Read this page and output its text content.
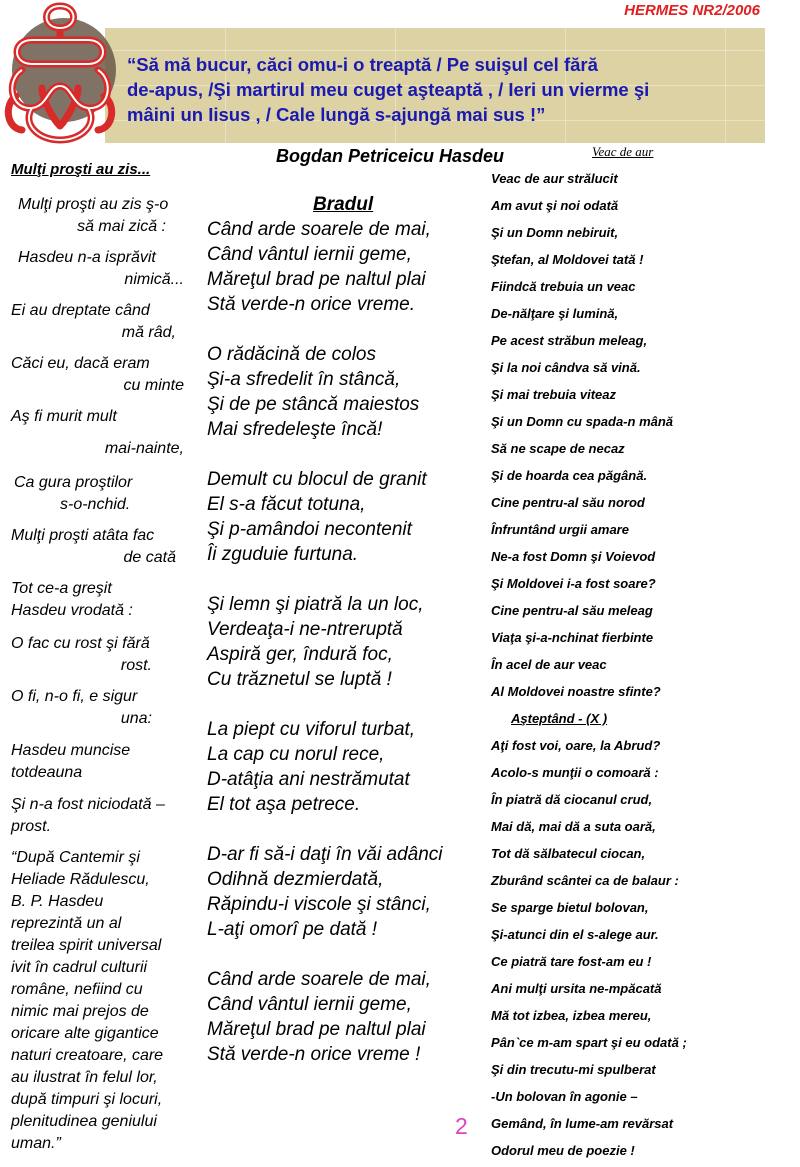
HERMES NR2/2006
“Să mă bucur, căci omu-i o treaptă / Pe suişul cel fără
de-apus, /Şi martirul meu cuget aşteaptă , / Ieri un vierme şi
mâini un Iisus , / Cale lungă s-ajungă mai sus !”
Bogdan Petriceicu Hasdeu	Veac de aur
Mulţi proşti au zis...
Mulţi proşti au zis ş-o
să mai zică :
Hasdeu n-a isprăvit
nimică...
Ei au dreptate când
mă râd,
Căci eu, dacă eram
cu minte
Aş fi murit mult
mai-nainte,
Ca gura proştilor
s-o-nchid.
Mulţi proşti atâta fac
de cată
Tot ce-a greşit
Hasdeu vrodată :
O fac cu rost şi fără
rost.
O fi, n-o fi, e sigur
una:
Hasdeu muncise
totdeauna
Şi n-a fost niciodată –
prost.
“După Cantemir şi
Heliade Rădulescu,
B. P. Hasdeu
reprezintă un al
treilea spirit universal
ivit în cadrul culturii
române, nefiind cu
nimic mai prejos de
oricare alte gigantice
naturi creatoare, care
au ilustrat în felul lor,
după timpuri şi locuri,
plenitudinea geniului
uman.”
Bradul
Când arde soarele de mai,
Când vântul iernii geme,
Măreţul brad pe naltul plai
Stă verde-n orice vreme.
O rădăcină de colos
Şi-a sfredelit în stâncă,
Şi de pe stâncă maiestos
Mai sfredeleşte încă!
Demult cu blocul de granit
El s-a făcut totuna,
Şi p-amândoi necontenit
Îi zguduie furtuna.
Şi lemn şi piatră la un loc,
Verdeaţa-i ne-ntreruptă
Aspiră ger, îndură foc,
Cu trăznetul se luptă !
La piept cu viforul turbat,
La cap cu norul rece,
D-atâţia ani nestrămutat
El tot aşa petrece.
D-ar fi să-i daţi în văi adânci
Odihnă dezmierdată,
Răpindu-i viscole şi stânci,
L-aţi omorî pe dată !
Când arde soarele de mai,
Când vântul iernii geme,
Măreţul brad pe naltul plai
Stă verde-n orice vreme !
Veac de aur strălucit
Am avut şi noi odată
Şi un Domn nebiruit,
Ştefan, al Moldovei tată !
Fiindcă trebuia un veac
De-nălţare şi lumină,
Pe acest străbun meleag,
Şi la noi cândva să vină.
Şi mai trebuia viteaz
Şi un Domn cu spada-n mână
Să ne scape de necaz
Şi de hoarda cea păgână.
Cine pentru-al său norod
Înfruntând urgii amare
Ne-a fost Domn şi Voievod
Şi Moldovei i-a fost soare?
Cine pentru-al său meleag
Viaţa şi-a-nchinat fierbinte
În acel de aur veac
Al Moldovei noastre sfinte?
Aşteptând - (X )
Aţi fost voi, oare, la Abrud?
Acolo-s munţii o comoară :
În piatră dă ciocanul crud,
Mai dă, mai dă a suta oară,
Tot dă sălbatecul ciocan,
Zburând scântei ca de balaur :
Se sparge bietul bolovan,
Şi-atunci din el s-alege aur.
Ce piatră tare fost-am eu !
Ani mulţi ursita ne-mpăcată
Mă tot izbea, izbea mereu,
Pân`ce m-am spart şi eu odată ;
Şi din trecutu-mi spulberat
-Un bolovan în agonie –
Gemând, în lume-am revărsat
Odorul meu de poezie !
2
